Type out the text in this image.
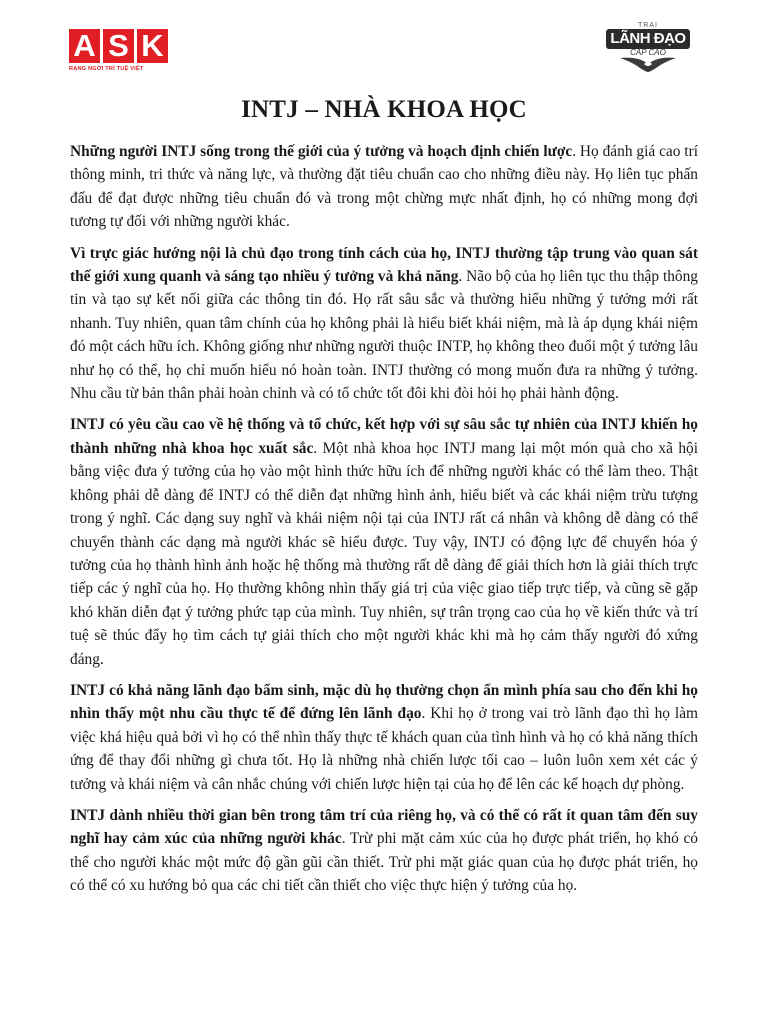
A S K
RẠNG NGỜI TRÍ TUỆ VIỆT
TRẠI
LÃNH ĐẠO
CẤP CAO
INTJ – NHÀ KHOA HỌC

Những người INTJ sống trong thế giới của ý tưởng và hoạch định chiến lược. Họ đánh giá cao trí thông minh, tri thức và năng lực, và thường đặt tiêu chuẩn cao cho những điều này. Họ liên tục phấn đấu để đạt được những tiêu chuẩn đó và trong một chừng mực nhất định, họ có những mong đợi tương tự đối với những người khác.

Vì trực giác hướng nội là chủ đạo trong tính cách của họ, INTJ thường tập trung vào quan sát thế giới xung quanh và sáng tạo nhiều ý tưởng và khả năng. Não bộ của họ liên tục thu thập thông tin và tạo sự kết nối giữa các thông tin đó. Họ rất sâu sắc và thường hiểu những ý tưởng mới rất nhanh. Tuy nhiên, quan tâm chính của họ không phải là hiểu biết khái niệm, mà là áp dụng khái niệm đó một cách hữu ích. Không giống như những người thuộc INTP, họ không theo đuổi một ý tưởng lâu như họ có thể, họ chỉ muốn hiểu nó hoàn toàn. INTJ thường có mong muốn đưa ra những ý tưởng. Nhu cầu từ bản thân phải hoàn chỉnh và có tổ chức tốt đôi khi đòi hỏi họ phải hành động.

INTJ có yêu cầu cao về hệ thống và tổ chức, kết hợp với sự sâu sắc tự nhiên của INTJ khiến họ thành những nhà khoa học xuất sắc. Một nhà khoa học INTJ mang lại một món quà cho xã hội bằng việc đưa ý tưởng của họ vào một hình thức hữu ích để những người khác có thể làm theo. Thật không phải dễ dàng để INTJ có thể diễn đạt những hình ảnh, hiểu biết và các khái niệm trừu tượng trong ý nghĩ. Các dạng suy nghĩ và khái niệm nội tại của INTJ rất cá nhân và không dễ dàng có thể chuyển thành các dạng mà người khác sẽ hiểu được. Tuy vậy, INTJ có động lực để chuyển hóa ý tưởng của họ thành hình ảnh hoặc hệ thống mà thường rất dễ dàng để giải thích hơn là giải thích trực tiếp các ý nghĩ của họ. Họ thường không nhìn thấy giá trị của việc giao tiếp trực tiếp, và cũng sẽ gặp khó khăn diễn đạt ý tưởng phức tạp của mình. Tuy nhiên, sự trân trọng cao của họ về kiến thức và trí tuệ sẽ thúc đẩy họ tìm cách tự giải thích cho một người khác khi mà họ cảm thấy người đó xứng đáng.

INTJ có khả năng lãnh đạo bẩm sinh, mặc dù họ thường chọn ẩn mình phía sau cho đến khi họ nhìn thấy một nhu cầu thực tế để đứng lên lãnh đạo. Khi họ ở trong vai trò lãnh đạo thì họ làm việc khá hiệu quả bởi vì họ có thể nhìn thấy thực tế khách quan của tình hình và họ có khả năng thích ứng để thay đổi những gì chưa tốt. Họ là những nhà chiến lược tối cao – luôn luôn xem xét các ý tưởng và khái niệm và cân nhắc chúng với chiến lược hiện tại của họ để lên các kế hoạch dự phòng.

INTJ dành nhiều thời gian bên trong tâm trí của riêng họ, và có thể có rất ít quan tâm đến suy nghĩ hay cảm xúc của những người khác. Trừ phi mặt cảm xúc của họ được phát triển, họ khó có thể cho người khác một mức độ gần gũi cần thiết. Trừ phi mặt giác quan của họ được phát triển, họ có thể có xu hướng bỏ qua các chi tiết cần thiết cho việc thực hiện ý tưởng của họ.
